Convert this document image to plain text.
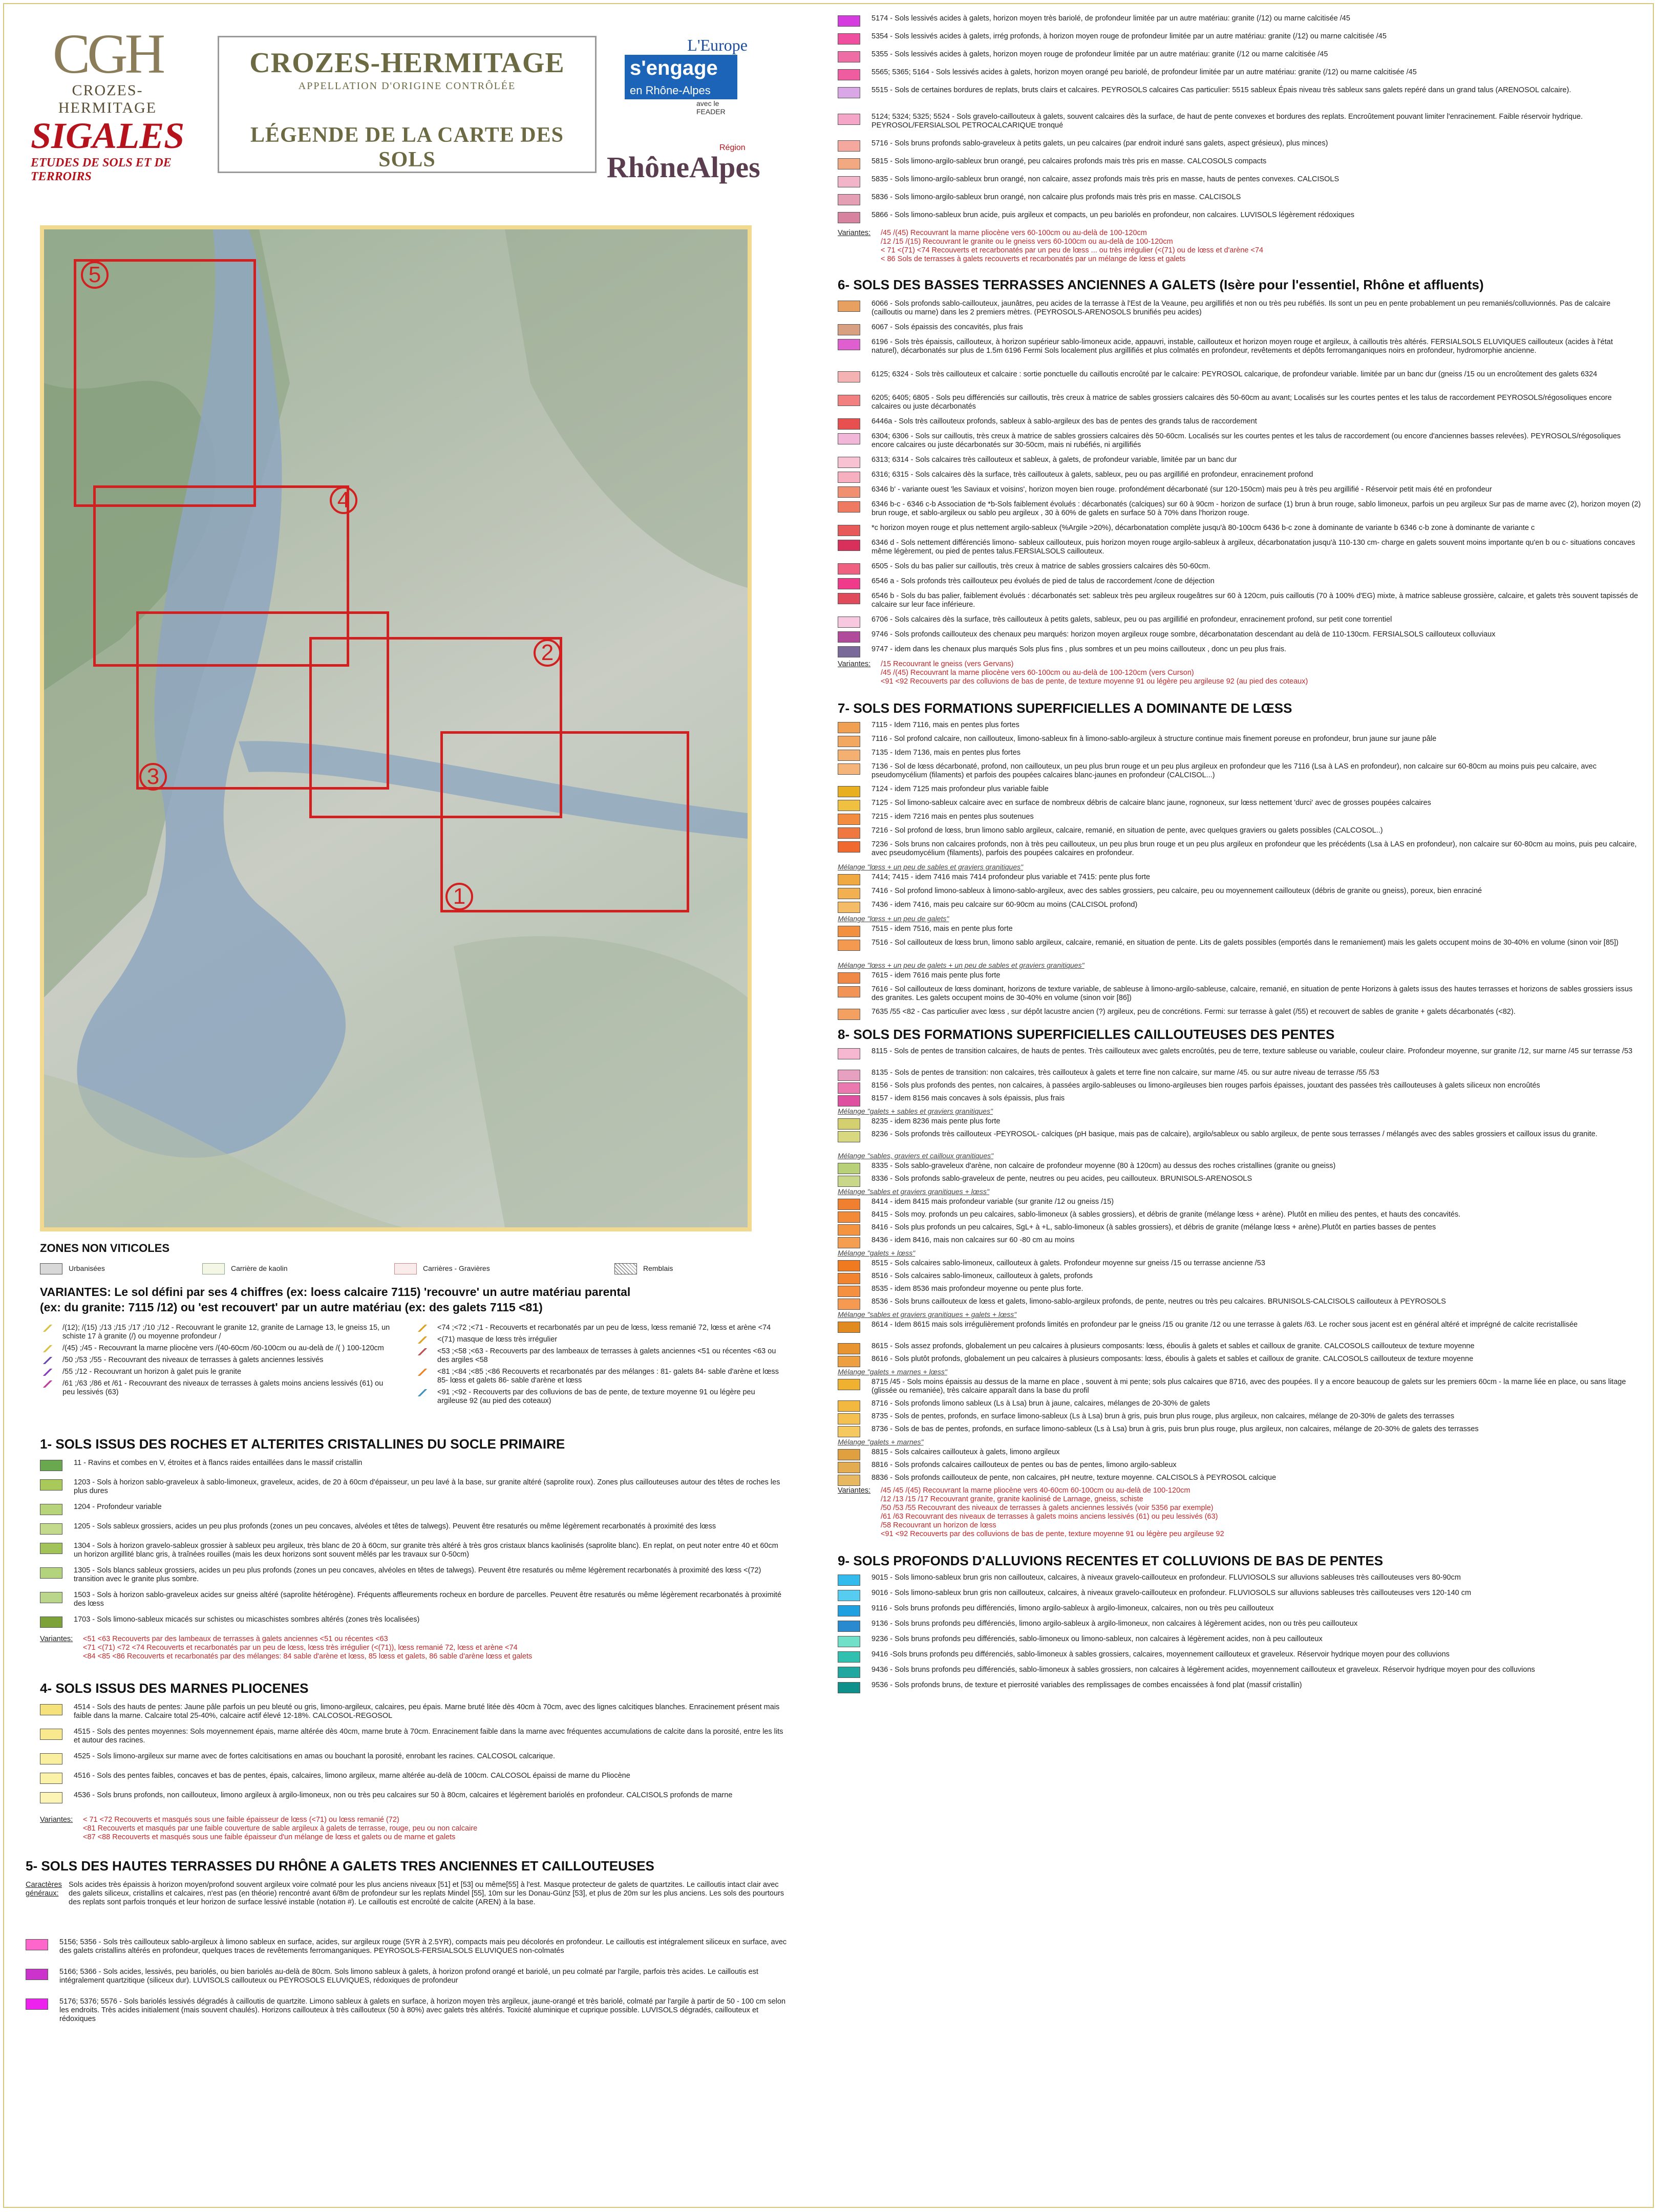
CGH
CROZES-HERMITAGE
SIGALES
ETUDES DE SOLS ET DE TERROIRS
CROZES-HERMITAGE
APPELLATION D'ORIGINE CONTRÔLÉE
LÉGENDE DE LA CARTE DES SOLS
L'Europe
s'engage
en Rhône-Alpes
avec le FEADER
Région
RhôneAlpes
5
4
3
2
1
ZONES NON VITICOLES
Urbanisées	Carrière de kaolin	Carrières - Gravières	Remblais
VARIANTES: Le sol défini par ses 4 chiffres (ex: loess calcaire 7115) 'recouvre' un autre matériau parental
(ex: du granite: 7115 /12) ou 'est recouvert' par un autre matériau (ex: des galets 7115 <81)
/(12); /(15) ;/13 ;/15 ;/17 ;/10 ;/12 - Recouvrant le granite 12, granite de Larnage 13, le gneiss 15, un schiste 17 à granite (/) ou moyenne profondeur /
/(45) ;/45 - Recouvrant la marne pliocène vers /(40-60cm /60-100cm ou au-delà de /( ) 100-120cm
/50 ;/53 ;/55 - Recouvrant des niveaux de terrasses à galets anciennes lessivés
/55 ;/12 - Recouvrant un horizon à galet puis le granite
/61 ;/63 ;/86 et /61 - Recouvrant des niveaux de terrasses à galets moins anciens lessivés (61) ou peu lessivés (63)
<74 ;<72 ;<71 - Recouverts et recarbonatés par un peu de lœss, lœss remanié 72, lœss et arène <74
<(71) masque de lœss très irrégulier
<53 ;<58 ;<63 - Recouverts par des lambeaux de terrasses à galets anciennes <51 ou récentes <63 ou des argiles <58
<81 ;<84 ;<85 ;<86 Recouverts et recarbonatés par des mélanges : 81- galets 84- sable d'arène et lœss 85- lœss et galets 86- sable d'arène et lœss
<91 ;<92 - Recouverts par des colluvions de bas de pente, de texture moyenne 91 ou légère peu argileuse 92 (au pied des coteaux)
1- SOLS ISSUS DES ROCHES ET ALTERITES CRISTALLINES DU SOCLE PRIMAIRE
11 - Ravins et combes en V, étroites et à flancs raides entaillées dans le massif cristallin
1203 - Sols à horizon sablo-graveleux à sablo-limoneux, graveleux, acides, de 20 à 60cm d'épaisseur, un peu lavé à la base, sur granite altéré (saprolite roux). Zones plus caillouteuses autour des têtes de roches les plus dures
1204 - Profondeur variable
1205 - Sols sableux grossiers, acides un peu plus profonds (zones un peu concaves, alvéoles et têtes de talwegs). Peuvent être resaturés ou même légèrement recarbonatés à proximité des lœss
1304 - Sols à horizon gravelo-sableux grossier à sableux peu argileux, très blanc de 20 à 60cm, sur granite très altéré à très gros cristaux blancs kaolinisés (saprolite blanc). En replat, on peut noter entre 40 et 60cm un horizon argillité blanc gris, à traînées rouilles (mais les deux horizons sont souvent mêlés par les travaux sur 0-50cm)
1305 - Sols blancs sableux grossiers, acides un peu plus profonds (zones un peu concaves, alvéoles en têtes de talwegs). Peuvent être resaturés ou même légèrement recarbonatés à proximité des lœss <(72) transition avec le granite plus sombre.
1503 - Sols à horizon sablo-graveleux acides sur gneiss altéré (saprolite hétérogène). Fréquents affleurements rocheux en bordure de parcelles. Peuvent être resaturés ou même légèrement recarbonatés à proximité des lœss
1703 - Sols limono-sableux micacés sur schistes ou micaschistes sombres altérés (zones très localisées)
Variantes:	<51 <63 Recouverts par des lambeaux de terrasses à galets anciennes <51 ou récentes <63
<71 <(71) <72 <74 Recouverts et recarbonatés par un peu de lœss, lœss très irrégulier (<(71)), lœss remanié 72, lœss et arène <74
<84 <85 <86 Recouverts et recarbonatés par des mélanges: 84 sable d'arène et lœss, 85 lœss et galets, 86 sable d'arène lœss et galets
4- SOLS ISSUS DES MARNES PLIOCENES
4514 - Sols des hauts de pentes: Jaune pâle parfois un peu bleuté ou gris, limono-argileux, calcaires, peu épais. Marne bruté litée dès 40cm à 70cm, avec des lignes calcitiques blanches. Enracinement présent mais faible dans la marne. Calcaire total 25-40%, calcaire actif élevé 12-18%. CALCOSOL-REGOSOL
4515 - Sols des pentes moyennes: Sols moyennement épais, marne altérée dès 40cm, marne brute à 70cm. Enracinement faible dans la marne avec fréquentes accumulations de calcite dans la porosité, entre les lits et autour des racines.
4525 - Sols limono-argileux sur marne avec de fortes calcitisations en amas ou bouchant la porosité, enrobant les racines. CALCOSOL calcarique.
4516 - Sols des pentes faibles, concaves et bas de pentes, épais, calcaires, limono argileux, marne altérée au-delà de 100cm. CALCOSOL épaissi de marne du Pliocène
4536 - Sols bruns profonds, non caillouteux, limono argileux à argilo-limoneux, non ou très peu calcaires sur 50 à 80cm, calcaires et légèrement bariolés en profondeur. CALCISOLS profonds de marne
Variantes:	< 71 <72 Recouverts et masqués sous une faible épaisseur de lœss (<71) ou lœss remanié (72)
<81 Recouverts et masqués par une faible couverture de sable argileux à galets de terrasse, rouge, peu ou non calcaire
<87 <88 Recouverts et masqués sous une faible épaisseur d'un mélange de lœss et galets ou de marne et galets
5- SOLS DES HAUTES TERRASSES DU RHÔNE A GALETS TRES ANCIENNES ET CAILLOUTEUSES
Caractères généraux:
Sols acides très épaissis à horizon moyen/profond souvent argileux voire colmaté pour les plus anciens niveaux [51] et [53] ou même[55] à l'est. Masque protecteur de galets de quartzites. Le cailloutis intact clair avec des galets siliceux, cristallins et calcaires, n'est pas (en théorie) rencontré avant 6/8m de profondeur sur les replats Mindel [55], 10m sur les Donau-Günz [53], et plus de 20m sur les plus anciens. Les sols des pourtours des replats sont parfois tronqués et leur horizon de surface lessivé instable (notation #). Le cailloutis est encroûté de calcite (AREN) à la base.
5156; 5356 - Sols très caillouteux sablo-argileux à limono sableux en surface, acides, sur argileux rouge (5YR à 2.5YR), compacts mais peu décolorés en profondeur. Le cailloutis est intégralement siliceux en surface, avec des galets cristallins altérés en profondeur, quelques traces de revêtements ferromanganiques. PEYROSOLS-FERSIALSOLS ELUVIQUES non-colmatés
5166; 5366 - Sols acides, lessivés, peu bariolés, ou bien bariolés au-delà de 80cm. Sols limono sableux à galets, à horizon profond orangé et bariolé, un peu colmaté par l'argile, parfois très acides. Le cailloutis est intégralement quartzitique (siliceux dur). LUVISOLS caillouteux ou PEYROSOLS ELUVIQUES, rédoxiques de profondeur
5176; 5376; 5576 - Sols bariolés lessivés dégradés à cailloutis de quartzite. Limono sableux à galets en surface, à horizon moyen très argileux, jaune-orangé et très bariolé, colmaté par l'argile à partir de 50 - 100 cm selon les endroits. Très acides initialement (mais souvent chaulés). Horizons caillouteux à très caillouteux (50 à 80%) avec galets très altérés. Toxicité aluminique et cuprique possible. LUVISOLS dégradés, caillouteux et rédoxiques
5174 - Sols lessivés acides à galets, horizon moyen très bariolé, de profondeur limitée par un autre matériau: granite (/12) ou marne calcitisée /45
5354 - Sols lessivés acides à galets, irrég profonds, à horizon moyen rouge de profondeur limitée par un autre matériau: granite (/12) ou marne calcitisée /45
5355 - Sols lessivés acides à galets, horizon moyen rouge de profondeur limitée par un autre matériau: granite (/12 ou marne calcitisée /45
5565; 5365; 5164 - Sols lessivés acides à galets, horizon moyen orangé peu bariolé, de profondeur limitée par un autre matériau: granite (/12) ou marne calcitisée /45
5515 - Sols de certaines bordures de replats, bruts clairs et calcaires. PEYROSOLS calcaires Cas particulier: 5515 sableux Épais niveau très sableux sans galets repéré dans un grand talus (ARENOSOL calcaire).
5124; 5324; 5325; 5524 - Sols gravelo-caillouteux à galets, souvent calcaires dès la surface, de haut de pente convexes et bordures des replats. Encroûtement pouvant limiter l'enracinement. Faible réservoir hydrique. PEYROSOL/FERSIALSOL PETROCALCARIQUE tronqué
5716 - Sols bruns profonds sablo-graveleux à petits galets, un peu calcaires (par endroit induré sans galets, aspect grésieux), plus minces)
5815 - Sols limono-argilo-sableux brun orangé, peu calcaires profonds mais très pris en masse. CALCOSOLS compacts
5835 - Sols limono-argilo-sableux brun orangé, non calcaire, assez profonds mais très pris en masse, hauts de pentes convexes. CALCISOLS
5836 - Sols limono-argilo-sableux brun orangé, non calcaire plus profonds mais très pris en masse. CALCISOLS
5866 - Sols limono-sableux brun acide, puis argileux et compacts, un peu bariolés en profondeur, non calcaires. LUVISOLS légèrement rédoxiques
Variantes:	/45 /(45) Recouvrant la marne pliocène vers 60-100cm ou au-delà de 100-120cm
/12 /15 /(15) Recouvrant le granite ou le gneiss vers 60-100cm ou au-delà de 100-120cm
< 71 <(71) <74 Recouverts et recarbonatés par un peu de lœss ... ou très irrégulier (<(71) ou de lœss et d'arène <74
< 86 Sols de terrasses à galets recouverts et recarbonatés par un mélange de lœss et galets
6- SOLS DES BASSES TERRASSES ANCIENNES A GALETS (Isère pour l'essentiel, Rhône et affluents)
6066 - Sols profonds sablo-caillouteux, jaunâtres, peu acides de la terrasse à l'Est de la Veaune, peu argillifiés et non ou très peu rubéfiés. Ils sont un peu en pente probablement un peu remaniés/colluvionnés. Pas de calcaire (cailloutis ou marne) dans les 2 premiers mètres. (PEYROSOLS-ARENOSOLS brunifiés peu acides)
6067 - Sols épaissis des concavités, plus frais
6196 - Sols très épaissis, caillouteux, à horizon supérieur sablo-limoneux acide, appauvri, instable, caillouteux et horizon moyen rouge et argileux, à cailloutis très altérés. FERSIALSOLS ELUVIQUES caillouteux (acides à l'état naturel), décarbonatés sur plus de 1.5m 6196 Fermi Sols localement plus argillifiés et plus colmatés en profondeur, revêtements et dépôts ferromanganiques noirs en profondeur, hydromorphie ancienne.
6125; 6324 - Sols très caillouteux et calcaire : sortie ponctuelle du cailloutis encroûté par le calcaire: PEYROSOL calcarique, de profondeur variable. limitée par un banc dur (gneiss /15 ou un encroûtement des galets 6324
6205; 6405; 6805 - Sols peu différenciés sur cailloutis, très creux à matrice de sables grossiers calcaires dès 50-60cm au avant; Localisés sur les courtes pentes et les talus de raccordement PEYROSOLS/régosoliques encore calcaires ou juste décarbonatés
6446a - Sols très caillouteux profonds, sableux à sablo-argileux des bas de pentes des grands talus de raccordement
6304; 6306 - Sols sur cailloutis, très creux à matrice de sables grossiers calcaires dès 50-60cm. Localisés sur les courtes pentes et les talus de raccordement (ou encore d'anciennes basses relevées). PEYROSOLS/régosoliques encore calcaires ou juste décarbonatés sur 30-50cm, mais ni rubéfiés, ni argillifiés
6313; 6314 - Sols calcaires très caillouteux et sableux, à galets, de profondeur variable, limitée par un banc dur
6316; 6315 - Sols calcaires dès la surface, très caillouteux à galets, sableux, peu ou pas argillifié en profondeur, enracinement profond
6346 b' - variante ouest 'les Saviaux et voisins', horizon moyen bien rouge. profondément décarbonaté (sur 120-150cm) mais peu à très peu argillifié - Réservoir petit mais été en profondeur
6346 b-c - 6346 c-b Association de *b-Sols faiblement évolués : décarbonatés (calciques) sur 60 à 90cm - horizon de surface (1) brun à brun rouge, sablo limoneux, parfois un peu argileux Sur pas de marne avec (2), horizon moyen (2) brun rouge, et sablo-argileux ou sablo peu argileux , 30 à 60% de galets en surface 50 à 70% dans l'horizon rouge.
*c horizon moyen rouge et plus nettement argilo-sableux (%Argile >20%), décarbonatation complète jusqu'à 80-100cm 6436 b-c zone à dominante de variante b 6346 c-b zone à dominante de variante c
6346 d - Sols nettement différenciés limono- sableux caillouteux, puis horizon moyen rouge argilo-sableux à argileux, décarbonatation jusqu'à 110-130 cm- charge en galets souvent moins importante qu'en b ou c- situations concaves même légèrement, ou pied de pentes talus.FERSIALSOLS caillouteux.
6505 - Sols du bas palier sur cailloutis, très creux à matrice de sables grossiers calcaires dès 50-60cm.
6546 a - Sols profonds très caillouteux peu évolués de pied de talus de raccordement /cone de déjection
6546 b - Sols du bas palier, faiblement évolués : décarbonatés set: sableux très peu argileux rougeâtres sur 60 à 120cm, puis cailloutis (70 à 100% d'EG) mixte, à matrice sableuse grossière, calcaire, et galets très souvent tapissés de calcaire sur leur face inférieure.
6706 - Sols calcaires dès la surface, très caillouteux à petits galets, sableux, peu ou pas argillifié en profondeur, enracinement profond, sur petit cone torrentiel
9746 - Sols profonds caillouteux des chenaux peu marqués: horizon moyen argileux rouge sombre, décarbonatation descendant au delà de 110-130cm. FERSIALSOLS caillouteux colluviaux
9747 - idem dans les chenaux plus marqués Sols plus fins , plus sombres et un peu moins caillouteux , donc un peu plus frais.
Variantes:	/15 Recouvrant le gneiss (vers Gervans)
/45 /(45) Recouvrant la marne pliocène vers 60-100cm ou au-delà de 100-120cm (vers Curson)
<91 <92 Recouverts par des colluvions de bas de pente, de texture moyenne 91 ou légère peu argileuse 92 (au pied des coteaux)
7- SOLS DES FORMATIONS SUPERFICIELLES A DOMINANTE DE LŒSS
7115 - Idem 7116, mais en pentes plus fortes
7116 - Sol profond calcaire, non caillouteux, limono-sableux fin à limono-sablo-argileux à structure continue mais finement poreuse en profondeur, brun jaune sur jaune pâle
7135 - Idem 7136, mais en pentes plus fortes
7136 - Sol de lœss décarbonaté, profond, non caillouteux, un peu plus brun rouge et un peu plus argileux en profondeur que les 7116 (Lsa à LAS en profondeur), non calcaire sur 60-80cm au moins puis peu calcaire, avec pseudomycélium (filaments) et parfois des poupées calcaires blanc-jaunes en profondeur (CALCISOL...)
7124 - idem 7125 mais profondeur plus variable faible
7125 - Sol limono-sableux calcaire avec en surface de nombreux débris de calcaire blanc jaune, rognoneux, sur lœss nettement 'durci' avec de grosses poupées calcaires
7215 - idem 7216 mais en pentes plus soutenues
7216 - Sol profond de lœss, brun limono sablo argileux, calcaire, remanié, en situation de pente, avec quelques graviers ou galets possibles (CALCOSOL..)
7236 - Sols bruns non calcaires profonds, non à très peu caillouteux, un peu plus brun rouge et un peu plus argileux en profondeur que les précédents (Lsa à LAS en profondeur), non calcaire sur 60-80cm au moins, puis peu calcaire, avec pseudomycélium (filaments), parfois des poupées calcaires en profondeur.
Mélange "lœss + un peu de sables et graviers granitiques"
7414; 7415 - idem 7416 mais 7414 profondeur plus variable et 7415: pente plus forte
7416 - Sol profond limono-sableux à limono-sablo-argileux, avec des sables grossiers, peu calcaire, peu ou moyennement caillouteux (débris de granite ou gneiss), poreux, bien enraciné
7436 - idem 7416, mais peu calcaire sur 60-90cm au moins (CALCISOL profond)
Mélange "lœss + un peu de galets"
7515 - idem 7516, mais en pente plus forte
7516 - Sol caillouteux de lœss brun, limono sablo argileux, calcaire, remanié, en situation de pente. Lits de galets possibles (emportés dans le remaniement) mais les galets occupent moins de 30-40% en volume (sinon voir [85])
Mélange "lœss + un peu de galets + un peu de sables et graviers granitiques"
7615 - idem 7616 mais pente plus forte
7616 - Sol caillouteux de lœss dominant, horizons de texture variable, de sableuse à limono-argilo-sableuse, calcaire, remanié, en situation de pente Horizons à galets issus des hautes terrasses et horizons de sables grossiers issus des granites. Les galets occupent moins de 30-40% en volume (sinon voir [86])
7635 /55 <82 - Cas particulier avec lœss , sur dépôt lacustre ancien (?) argileux, peu de concrétions. Fermi: sur terrasse à galet (/55) et recouvert de sables de granite + galets décarbonatés (<82).
8- SOLS DES FORMATIONS SUPERFICIELLES CAILLOUTEUSES DES PENTES
8115 - Sols de pentes de transition calcaires, de hauts de pentes. Très caillouteux avec galets encroûtés, peu de terre, texture sableuse ou variable, couleur claire. Profondeur moyenne, sur granite /12, sur marne /45 sur terrasse /53
8135 - Sols de pentes de transition: non calcaires, très caillouteux à galets et terre fine non calcaire, sur marne /45. ou sur autre niveau de terrasse /55 /53
8156 - Sols plus profonds des pentes, non calcaires, à passées argilo-sableuses ou limono-argileuses bien rouges parfois épaisses, jouxtant des passées très caillouteuses à galets siliceux non encroûtés
8157 - idem 8156 mais concaves à sols épaissis, plus frais
Mélange "galets + sables et graviers granitiques"
8235 - idem 8236 mais pente plus forte
8236 - Sols profonds très caillouteux -PEYROSOL- calciques (pH basique, mais pas de calcaire), argilo/sableux ou sablo argileux, de pente sous terrasses / mélangés avec des sables grossiers et cailloux issus du granite.
Mélange "sables, graviers et cailloux granitiques"
8335 - Sols sablo-graveleux d'arène, non calcaire de profondeur moyenne (80 à 120cm) au dessus des roches cristallines (granite ou gneiss)
8336 - Sols profonds sablo-graveleux de pente, neutres ou peu acides, peu caillouteux. BRUNISOLS-ARENOSOLS
Mélange "sables et graviers granitiques + lœss"
8414 - idem 8415 mais profondeur variable (sur granite /12 ou gneiss /15)
8415 - Sols moy. profonds un peu calcaires, sablo-limoneux (à sables grossiers), et débris de granite (mélange lœss + arène). Plutôt en milieu des pentes, et hauts des concavités.
8416 - Sols plus profonds un peu calcaires, SgL+ à +L, sablo-limoneux (à sables grossiers), et débris de granite (mélange lœss + arène).Plutôt en parties basses de pentes
8436 - idem 8416, mais non calcaires sur 60 -80 cm au moins
Mélange "galets + lœss"
8515 - Sols calcaires sablo-limoneux, caillouteux à galets. Profondeur moyenne sur gneiss /15 ou terrasse ancienne /53
8516 - Sols calcaires sablo-limoneux, caillouteux à galets, profonds
8535 - idem 8536 mais profondeur moyenne ou pente plus forte.
8536 - Sols bruns caillouteux de lœss et galets, limono-sablo-argileux profonds, de pente, neutres ou très peu calcaires. BRUNISOLS-CALCISOLS caillouteux à PEYROSOLS
Mélange "sables et graviers granitiques + galets + lœss"
8614 - Idem 8615 mais sols irrégulièrement profonds limités en profondeur par le gneiss /15 ou granite /12 ou une terrasse à galets /63. Le rocher sous jacent est en général altéré et imprégné de calcite recristallisée
8615 - Sols assez profonds, globalement un peu calcaires à plusieurs composants: lœss, éboulis à galets et sables et cailloux de granite. CALCOSOLS caillouteux de texture moyenne
8616 - Sols plutôt profonds, globalement un peu calcaires à plusieurs composants: lœss, éboulis à galets et sables et cailloux de granite. CALCOSOLS caillouteux de texture moyenne
Mélange "galets + marnes + lœss"
8715 /45 - Sols moins épaissis au dessus de la marne en place , souvent à mi pente; sols plus calcaires que 8716, avec des poupées. Il y a encore beaucoup de galets sur les premiers 60cm - la marne liée en place, ou sans litage (glissée ou remaniée), très calcaire apparaît dans la base du profil
8716 - Sols profonds limono sableux (Ls à Lsa) brun à jaune, calcaires, mélanges de 20-30% de galets
8735 - Sols de pentes, profonds, en surface limono-sableux (Ls à Lsa) brun à gris, puis brun plus rouge, plus argileux, non calcaires, mélange de 20-30% de galets des terrasses
8736 - Sols de bas de pentes, profonds, en surface limono-sableux (Ls à Lsa) brun à gris, puis brun plus rouge, plus argileux, non calcaires, mélange de 20-30% de galets des terrasses
Mélange "galets + marnes"
8815 - Sols calcaires caillouteux à galets, limono argileux
8816 - Sols profonds calcaires caillouteux de pentes ou bas de pentes, limono argilo-sableux
8836 - Sols profonds caillouteux de pente, non calcaires, pH neutre, texture moyenne. CALCISOLS à PEYROSOL calcique
Variantes:	/45 /45 /(45) Recouvrant la marne pliocène vers 40-60cm 60-100cm ou au-delà de 100-120cm
/12 /13 /15 /17 Recouvrant granite, granite kaolinisé de Larnage, gneiss, schiste
/50 /53 /55 Recouvrant des niveaux de terrasses à galets anciennes lessivés (voir 5356 par exemple)
/61 /63 Recouvrant des niveaux de terrasses à galets moins anciens lessivés (61) ou peu lessivés (63)
/58 Recouvrant un horizon de lœss
<91 <92 Recouverts par des colluvions de bas de pente, texture moyenne 91 ou légère peu argileuse 92
9- SOLS PROFONDS D'ALLUVIONS RECENTES ET COLLUVIONS DE BAS DE PENTES
9015 - Sols limono-sableux brun gris non caillouteux, calcaires, à niveaux gravelo-caillouteux en profondeur. FLUVIOSOLS sur alluvions sableuses très caillouteuses vers 80-90cm
9016 - Sols limono-sableux brun gris non caillouteux, calcaires, à niveaux gravelo-caillouteux en profondeur. FLUVIOSOLS sur alluvions sableuses très caillouteuses vers 120-140 cm
9116 - Sols bruns profonds peu différenciés, limono argilo-sableux à argilo-limoneux, calcaires, non ou très peu caillouteux
9136 - Sols bruns profonds peu différenciés, limono argilo-sableux à argilo-limoneux, non calcaires à légèrement acides, non ou très peu caillouteux
9236 - Sols bruns profonds peu différenciés, sablo-limoneux ou limono-sableux, non calcaires à légèrement acides, non à peu caillouteux
9416 -Sols bruns profonds peu différenciés, sablo-limoneux à sables grossiers, calcaires, moyennement caillouteux et graveleux. Réservoir hydrique moyen pour des colluvions
9436 - Sols bruns profonds peu différenciés, sablo-limoneux à sables grossiers, non calcaires à légèrement acides, moyennement caillouteux et graveleux. Réservoir hydrique moyen pour des colluvions
9536 - Sols profonds bruns, de texture et pierrosité variables des remplissages de combes encaissées à fond plat (massif cristallin)
